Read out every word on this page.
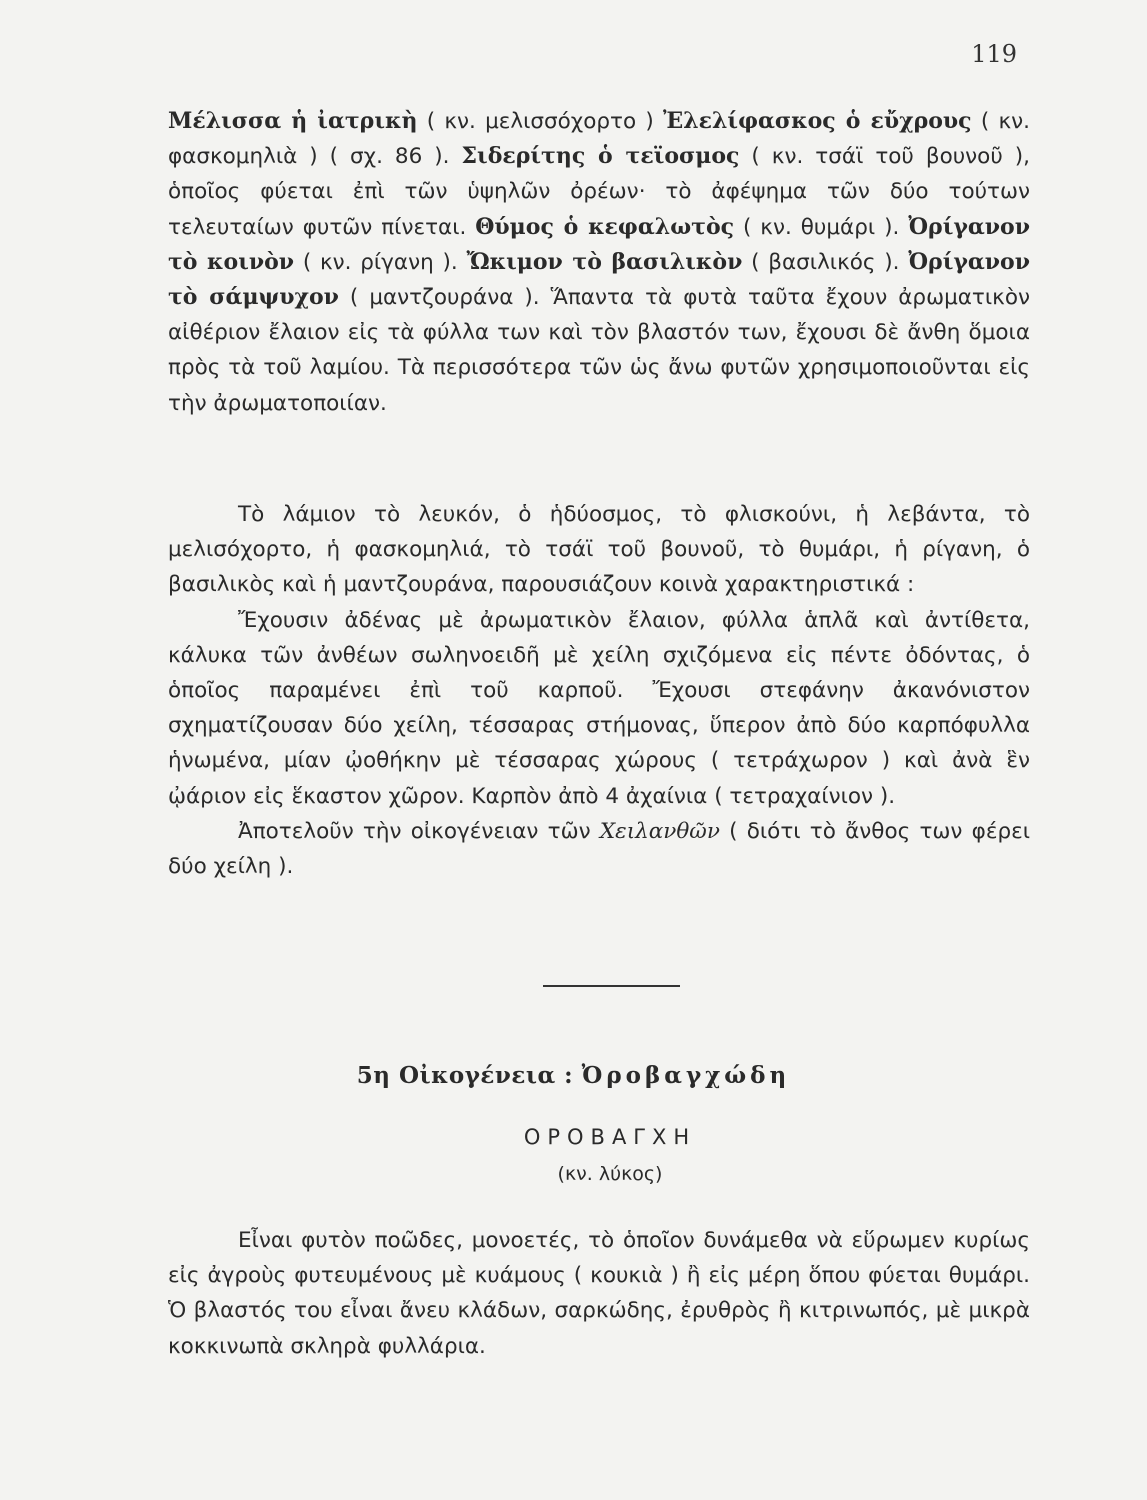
119

Μέλισσα ἡ ἰατρικὴ ( κν. μελισσόχορτο ) Ἐλελίφασκος ὁ εὔχρους ( κν. φασκομηλιὰ ) ( σχ. 86 ). Σιδερίτης ὁ τεϊοσμος ( κν. τσάϊ τοῦ βουνοῦ ), ὁποῖος φύεται ἐπὶ τῶν ὑψηλῶν ὀρέων· τὸ ἀφέψημα τῶν δύο τούτων τελευταίων φυτῶν πίνεται. Θύμος ὁ κεφαλωτὸς ( κν. θυμάρι ). Ὀρίγανον τὸ κοινὸν ( κν. ρίγανη ). Ὤκιμον τὸ βασιλικὸν ( βασιλικός ). Ὀρίγανον τὸ σάμψυχον ( μαντζουράνα ). Ἅπαντα τὰ φυτὰ ταῦτα ἔχουν ἀρωματικὸν αἰθέριον ἔλαιον εἰς τὰ φύλλα των καὶ τὸν βλαστόν των, ἔχουσι δὲ ἄνθη ὅμοια πρὸς τὰ τοῦ λαμίου. Τὰ περισσότερα τῶν ὡς ἄνω φυτῶν χρησιμοποιοῦνται εἰς τὴν ἀρωματοποιίαν.

Τὸ λάμιον τὸ λευκόν, ὁ ἡδύοσμος, τὸ φλισκούνι, ἡ λεβάντα, τὸ μελισόχορτο, ἡ φασκομηλιά, τὸ τσάϊ τοῦ βουνοῦ, τὸ θυμάρι, ἡ ρίγανη, ὁ βασιλικὸς καὶ ἡ μαντζουράνα, παρουσιάζουν κοινὰ χαρακτηριστικά :

Ἔχουσιν ἀδένας μὲ ἀρωματικὸν ἔλαιον, φύλλα ἁπλᾶ καὶ ἀντίθετα, κάλυκα τῶν ἀνθέων σωληνοειδῆ μὲ χείλη σχιζόμενα εἰς πέντε ὀδόντας, ὁ ὁποῖος παραμένει ἐπὶ τοῦ καρποῦ. Ἔχουσι στεφάνην ἀκανόνιστον σχηματίζουσαν δύο χείλη, τέσσαρας στήμονας, ὕπερον ἀπὸ δύο καρπόφυλλα ἡνωμένα, μίαν ᾠοθήκην μὲ τέσσαρας χώρους ( τετράχωρον ) καὶ ἀνὰ ἓν ᾠάριον εἰς ἕκαστον χῶρον. Καρπὸν ἀπὸ 4 ἀχαίνια ( τετραχαίνιον ).

Ἀποτελοῦν τὴν οἰκογένειαν τῶν Χειλανθῶν ( διότι τὸ ἄνθος των φέρει δύο χείλη ).

5η Οἰκογένεια : Ὀροβαγχώδη
ΟΡΟΒΑΓΧΗ
(κν. λύκος)

Εἶναι φυτὸν ποῶδες, μονοετές, τὸ ὁποῖον δυνάμεθα νὰ εὕρωμεν κυρίως εἰς ἀγροὺς φυτευμένους μὲ κυάμους ( κουκιὰ ) ἢ εἰς μέρη ὅπου φύεται θυμάρι. Ὁ βλαστός του εἶναι ἄνευ κλάδων, σαρκώδης, ἐρυθρὸς ἢ κιτρινωπός, μὲ μικρὰ κοκκινωπὰ σκληρὰ φυλλάρια.
